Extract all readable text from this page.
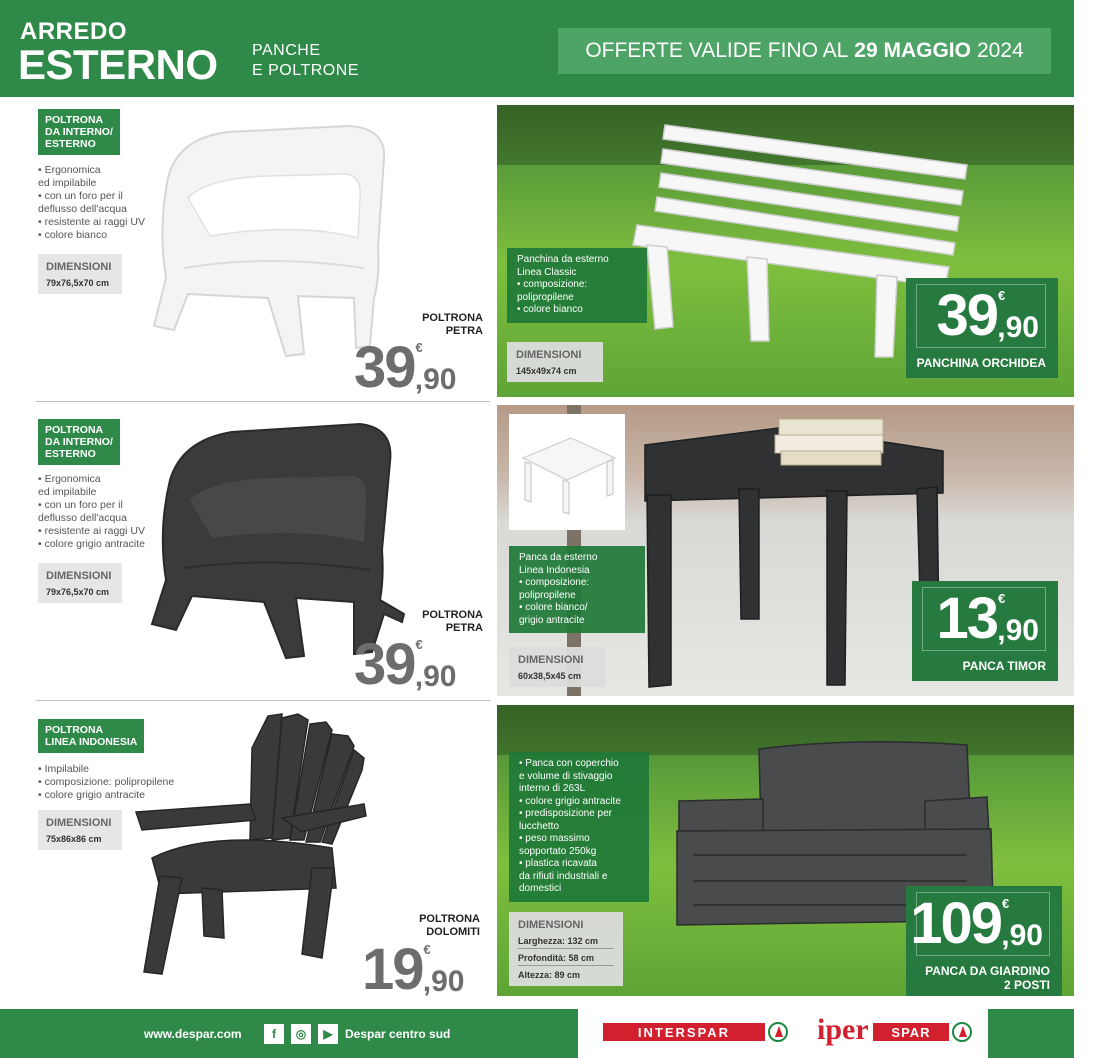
ARREDO
ESTERNO PANCHE
E POLTRONE
OFFERTE VALIDE FINO AL 29 MAGGIO 2024
POLTRONA
DA INTERNO/
ESTERNO
• Ergonomica
ed impilabile
• con un foro per il
deflusso dell'acqua
• resistente ai raggi UV
• colore bianco
DIMENSIONI
79x76,5x70 cm
POLTRONA
PETRA
39 €
,90
POLTRONA
DA INTERNO/
ESTERNO
• Ergonomica
ed impilabile
• con un foro per il
deflusso dell'acqua
• resistente ai raggi UV
• colore grigio antracite
DIMENSIONI
79x76,5x70 cm
POLTRONA
PETRA
39 €
,90
POLTRONA
LINEA INDONESIA
• Impilabile
• composizione: polipropilene
• colore grigio antracite
DIMENSIONI
75x86x86 cm
POLTRONA
DOLOMITI
19 €
,90
Panchina da esterno
Linea Classic
• composizione:
polipropilene
• colore bianco
DIMENSIONI
145x49x74 cm
39 €
,90
PANCHINA ORCHIDEA
Panca da esterno
Linea Indonesia
• composizione:
polipropilene
• colore bianco/
grigio antracite
DIMENSIONI
60x38,5x45 cm
13 €
,90
PANCA TIMOR
• Panca con coperchio
e volume di stivaggio
interno di 263L
• colore grigio antracite
• predisposizione per
lucchetto
• peso massimo
sopportato 250kg
• plastica ricavata
da rifiuti industriali e
domestici
DIMENSIONI
Larghezza: 132 cm
Profondità: 58 cm
Altezza: 89 cm
109 €
,90
PANCA DA GIARDINO
2 POSTI
www.despar.com	f	◎	▶	Despar centro sud	INTERSPAR	iper	SPAR
